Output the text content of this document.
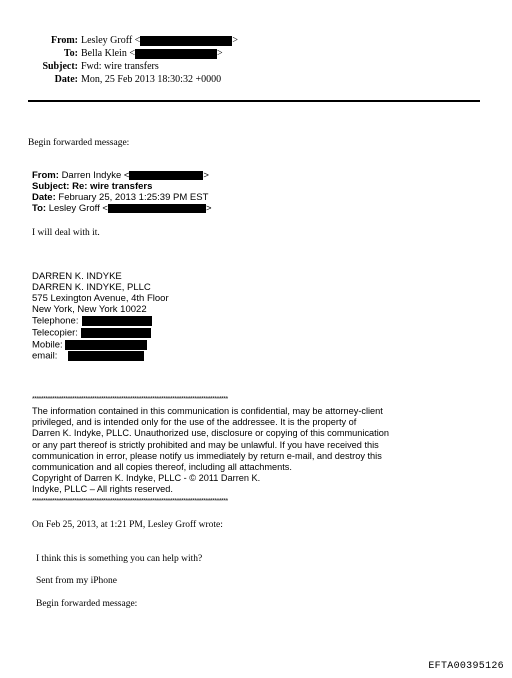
From: Lesley Groff <	>
To: Bella Klein <	>
Subject: Fwd: wire transfers
Date: Mon, 25 Feb 2013 18:30:32 +0000
Begin forwarded message:
From: Darren Indyke <	>
Subject: Re: wire transfers
Date: February 25, 2013 1:25:39 PM EST
To: Lesley Groff <	>
I will deal with it.
DARREN K. INDYKE
DARREN K. INDYKE, PLLC
575 Lexington Avenue, 4th Floor
New York, New York 10022
Telephone:
Telecopier:
Mobile:
email:
****************************************************************************************
The information contained in this communication is confidential, may be attorney-client
privileged, and is intended only for the use of the addressee. It is the property of
Darren K. Indyke, PLLC. Unauthorized use, disclosure or copying of this communication
or any part thereof is strictly prohibited and may be unlawful. If you have received this
communication in error, please notify us immediately by return e-mail, and destroy this
communication and all copies thereof, including all attachments.
Copyright of Darren K. Indyke, PLLC - © 2011 Darren K.
Indyke, PLLC – All rights reserved.
****************************************************************************************
On Feb 25, 2013, at 1:21 PM, Lesley Groff wrote:
I think this is something you can help with?
Sent from my iPhone
Begin forwarded message:
EFTA00395126
